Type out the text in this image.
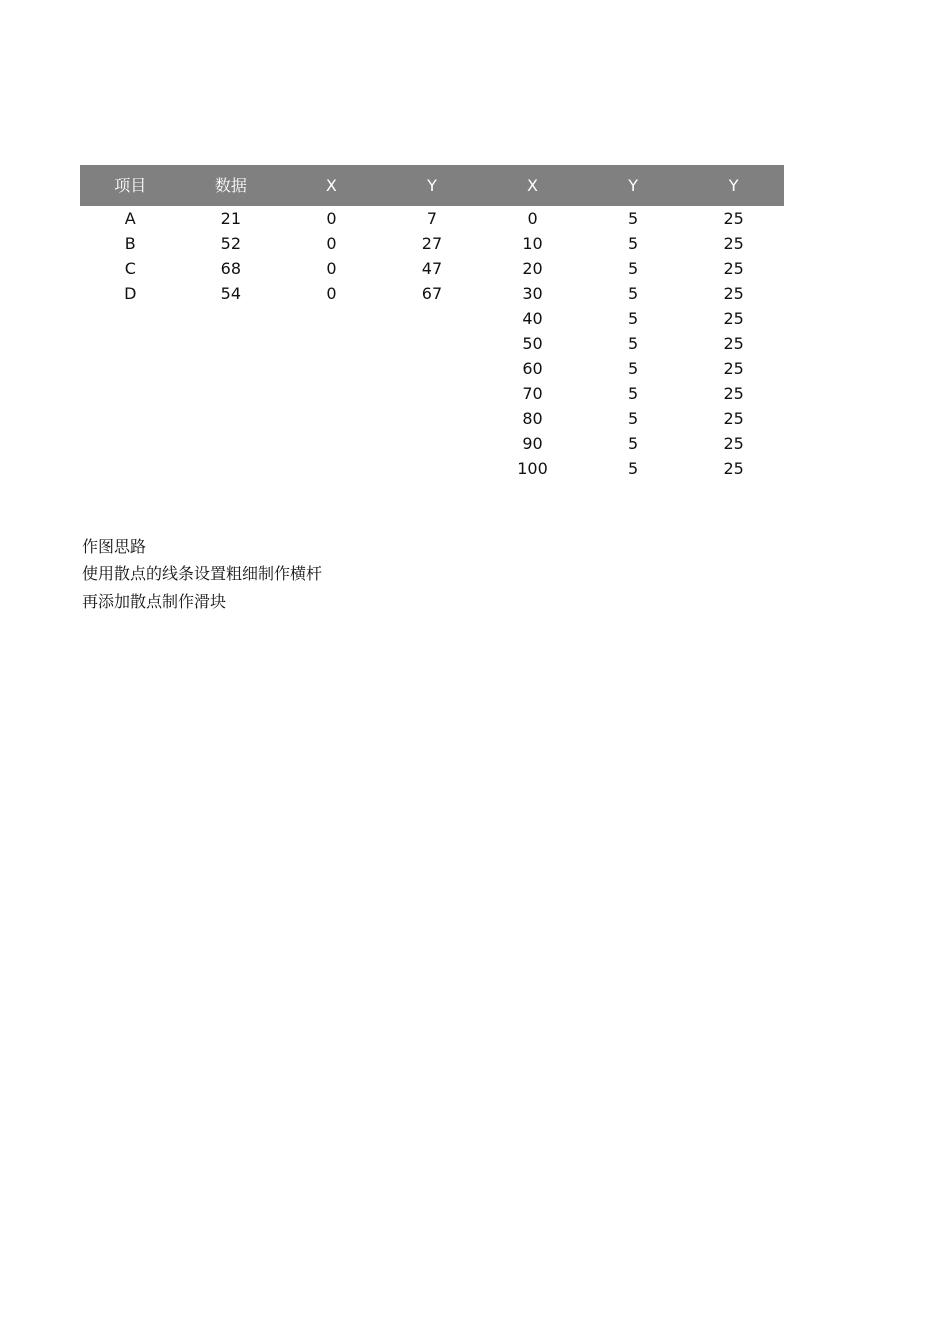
项目	数据	X	Y	X	Y	Y
A	21	0	7	0	5	25
B	52	0	27	10	5	25
C	68	0	47	20	5	25
D	54	0	67	30	5	25
				40	5	25
				50	5	25
				60	5	25
				70	5	25
				80	5	25
				90	5	25
				100	5	25
作图思路
使用散点的线条设置粗细制作横杆
再添加散点制作滑块
